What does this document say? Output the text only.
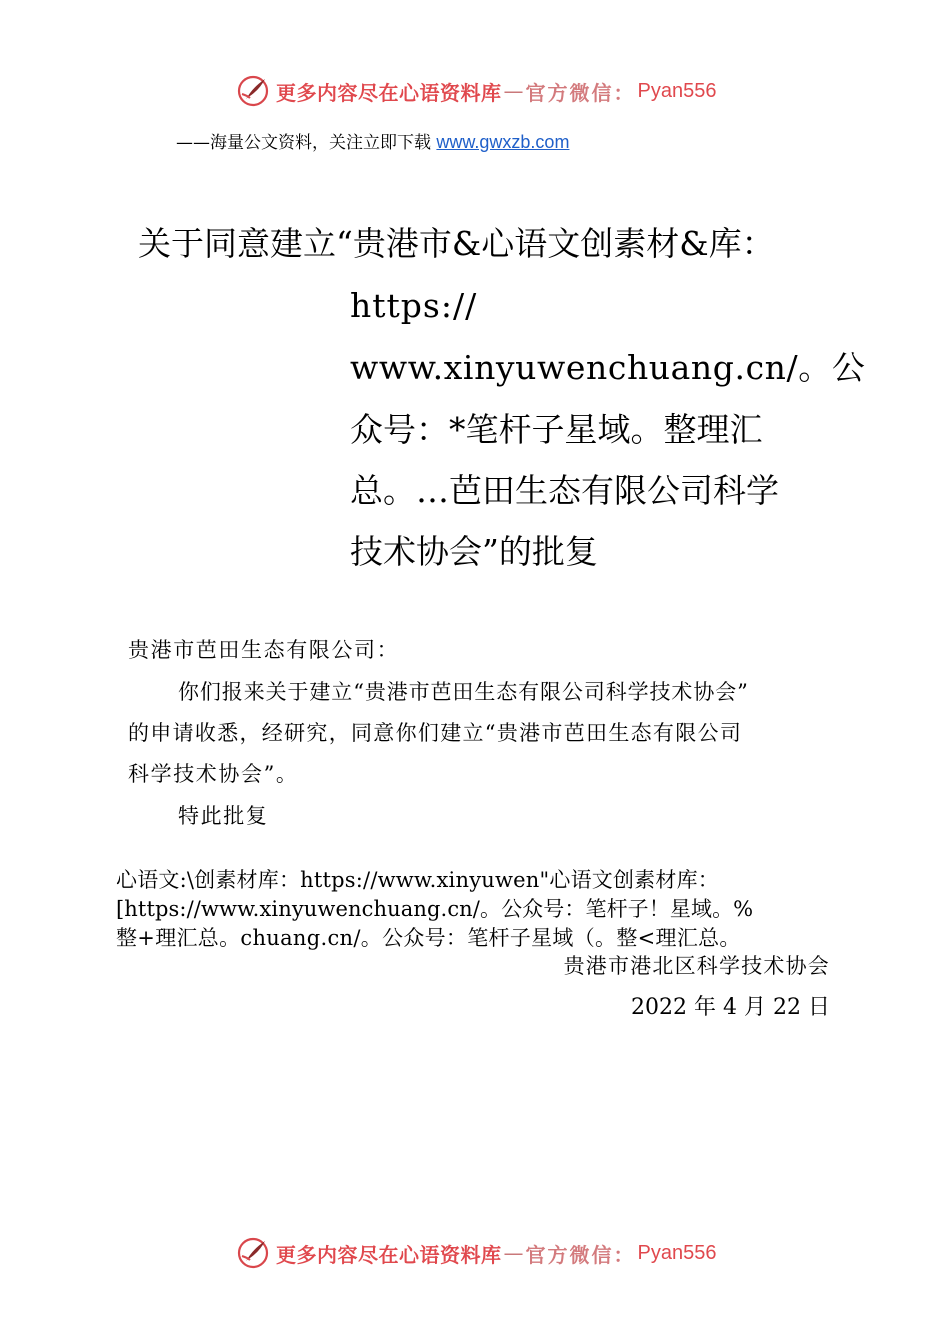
更多内容尽在心语资料库 — 官方微信： Pyan556
——海量公文资料，关注立即下载 www.gwxzb.com
关于同意建立“贵港市&心语文创素材&库：
https://
www.xinyuwenchuang.cn/。公
众号：*笔杆子星域。整理汇
总。…芭田生态有限公司科学
技术协会”的批复
贵港市芭田生态有限公司：
你们报来关于建立“贵港市芭田生态有限公司科学技术协会”
的申请收悉，经研究，同意你们建立“贵港市芭田生态有限公司
科学技术协会”。
特此批复
心语文:\创素材库：https://www.xinyuwen"心语文创素材库：
[https://www.xinyuwenchuang.cn/。公众号：笔杆子！星域。%
整+理汇总。chuang.cn/。公众号：笔杆子星域（。整<理汇总。
贵港市港北区科学技术协会
2022 年 4 月 22 日
更多内容尽在心语资料库 — 官方微信： Pyan556
